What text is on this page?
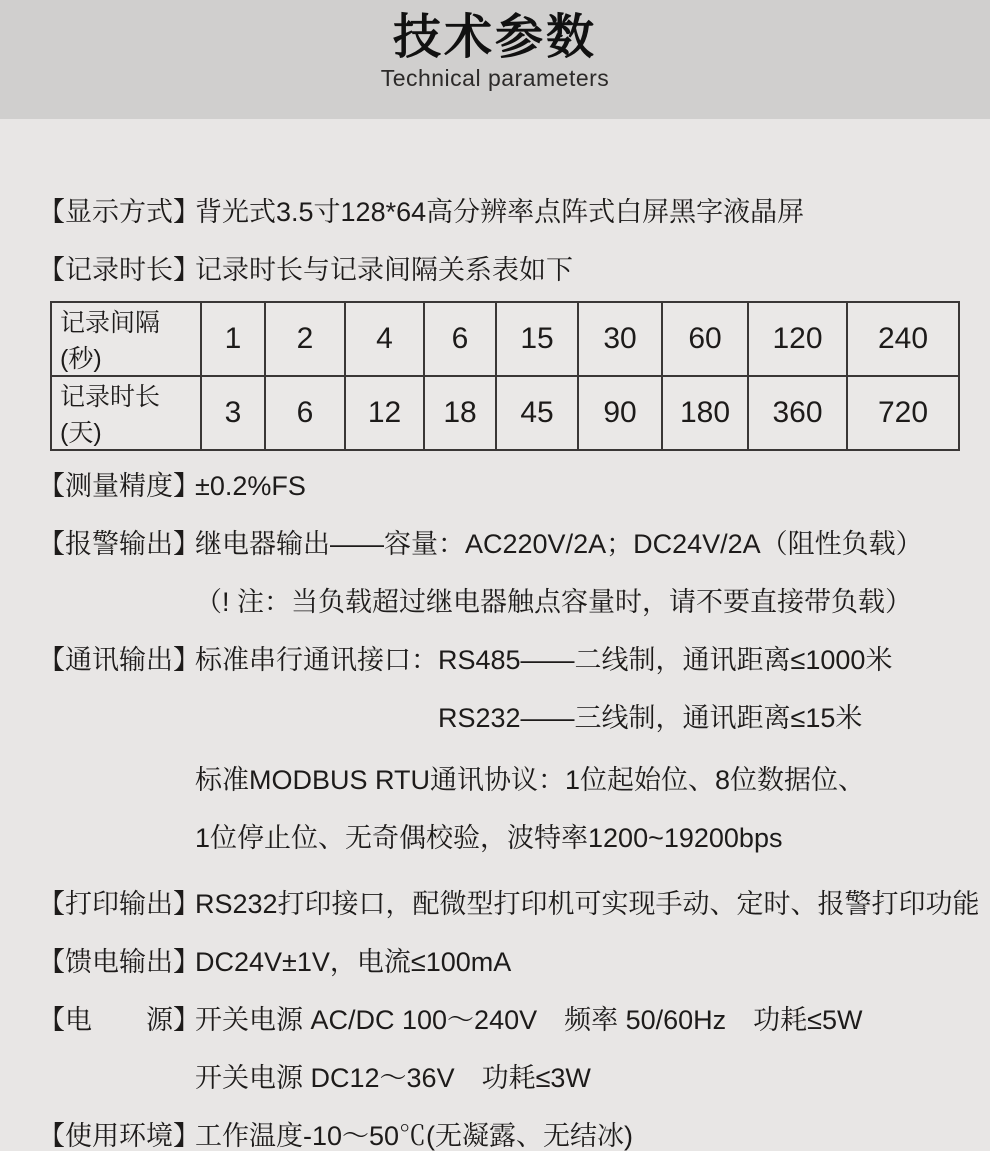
技术参数
Technical parameters
【显示方式】
背光式3.5寸128*64高分辨率点阵式白屏黑字液晶屏
【记录时长】
记录时长与记录间隔关系表如下
记录间隔(秒)	1	2	4	6	15	30	60	120	240
记录时长(天)	3	6	12	18	45	90	180	360	720
【测量精度】
±0.2%FS
【报警输出】
继电器输出——容量：AC220V/2A；DC24V/2A（阻性负载）
（! 注：当负载超过继电器触点容量时，请不要直接带负载）
【通讯输出】
标准串行通讯接口：RS485——二线制，通讯距离≤1000米
RS232——三线制，通讯距离≤15米
标准MODBUS RTU通讯协议：1位起始位、8位数据位、
1位停止位、无奇偶校验，波特率1200~19200bps
【打印输出】
RS232打印接口，配微型打印机可实现手动、定时、报警打印功能
【馈电输出】
DC24V±1V，电流≤100mA
【电　　源】
开关电源 AC/DC 100～240V　频率 50/60Hz　功耗≤5W
开关电源 DC12～36V　功耗≤3W
【使用环境】
工作温度-10～50℃(无凝露、无结冰)
